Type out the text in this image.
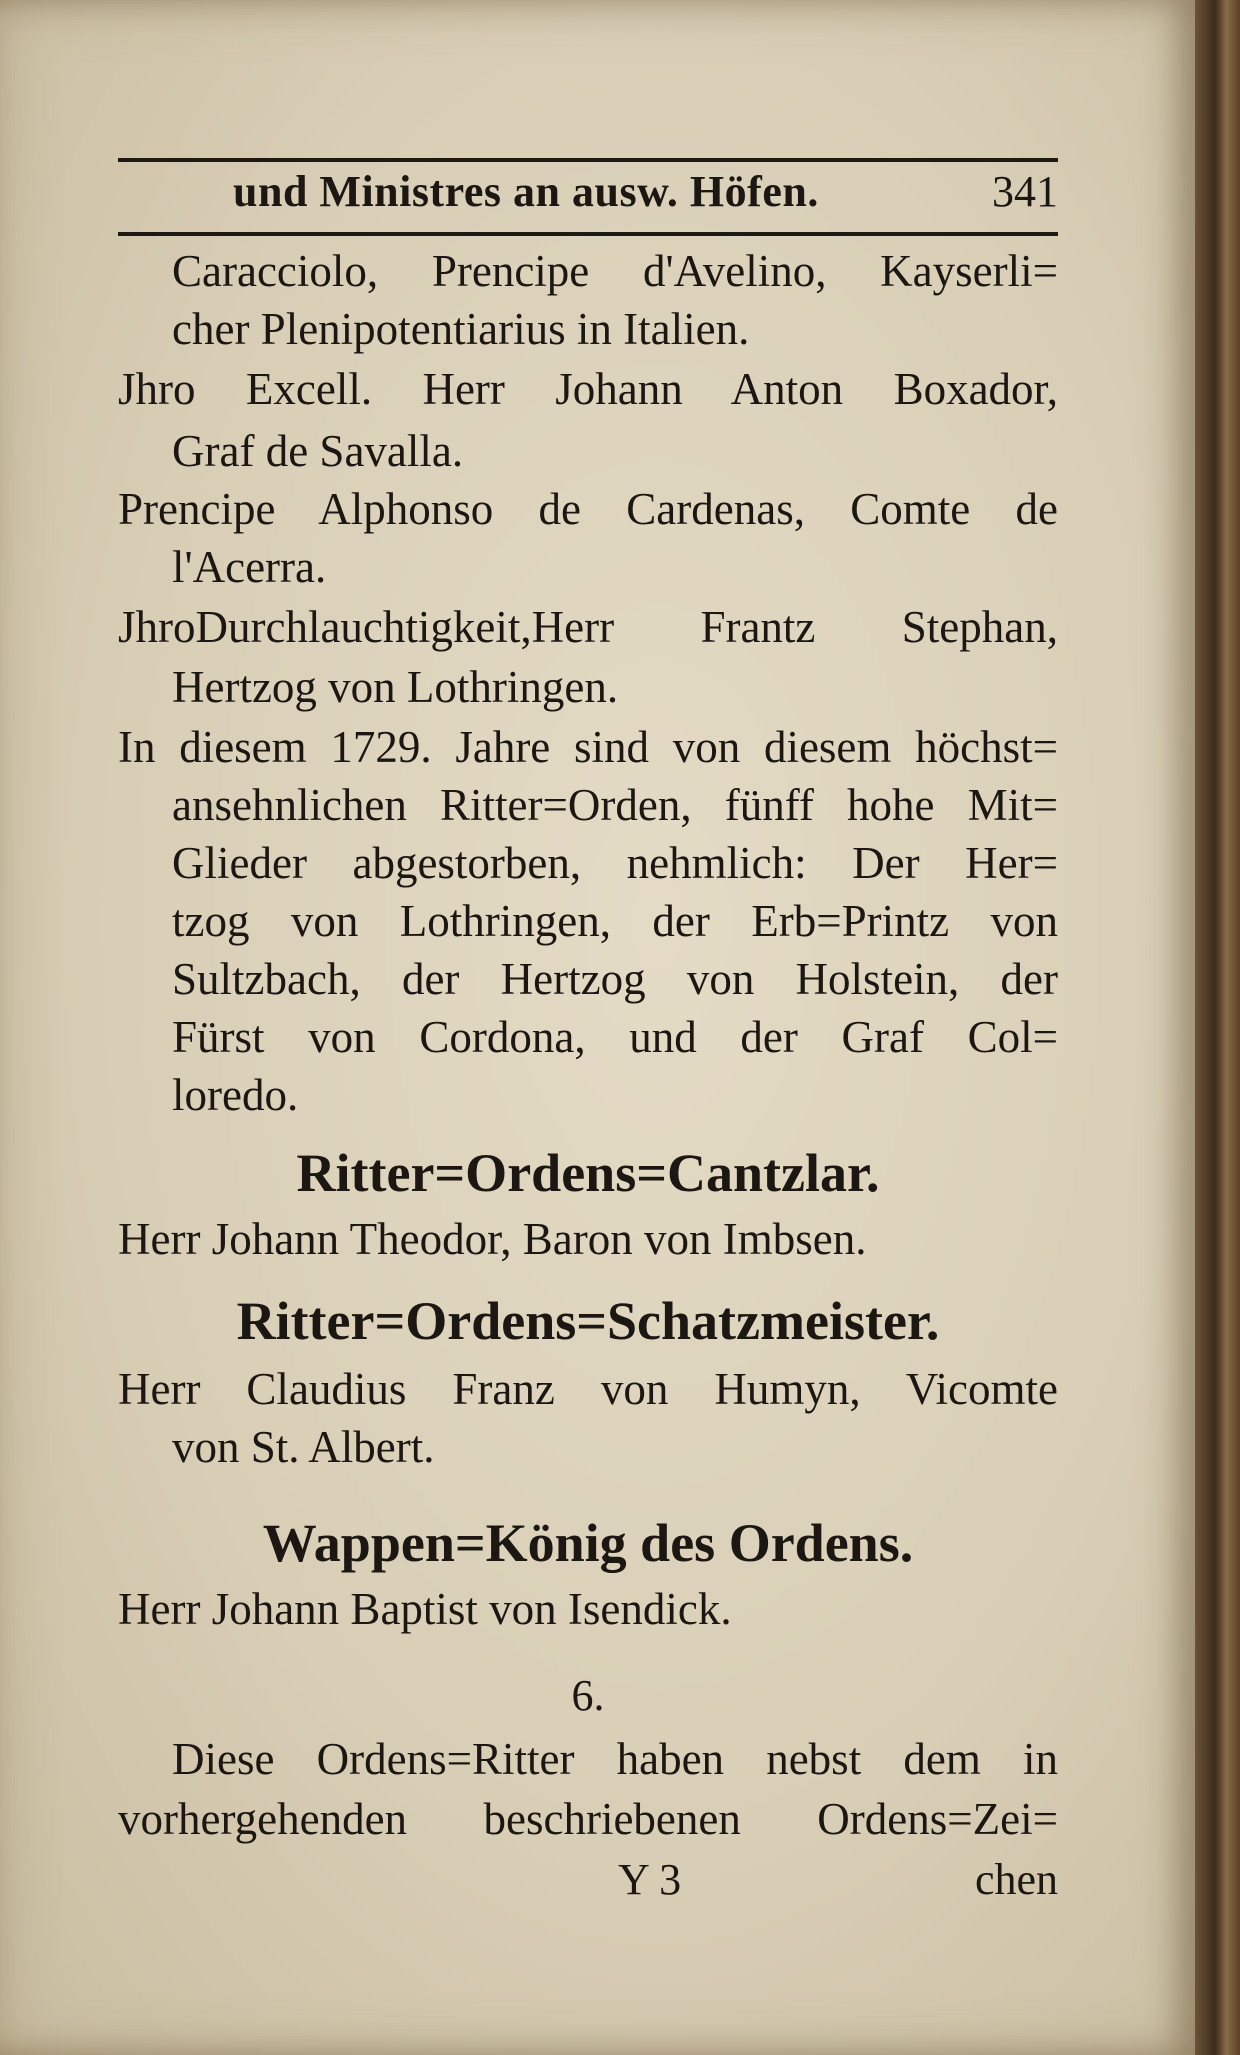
und Ministres an ausw. Höfen.	341
Caracciolo, Prencipe d'Avelino, Kayserli=
cher Plenipotentiarius in Italien.
Jhro Excell. Herr Johann Anton Boxador,
Graf de Savalla.
Prencipe Alphonso de Cardenas, Comte de
l'Acerra.
JhroDurchlauchtigkeit,Herr Frantz Stephan,
Hertzog von Lothringen.
In diesem 1729. Jahre sind von diesem höchst=
ansehnlichen Ritter=Orden, fünff hohe Mit=
Glieder abgestorben, nehmlich: Der Her=
tzog von Lothringen, der Erb=Printz von
Sultzbach, der Hertzog von Holstein, der
Fürst von Cordona, und der Graf Col=
loredo.
Ritter=Ordens=Cantzlar.
Herr Johann Theodor, Baron von Imbsen.
Ritter=Ordens=Schatzmeister.
Herr Claudius Franz von Humyn, Vicomte
von St. Albert.
Wappen=König des Ordens.
Herr Johann Baptist von Isendick.
6.
Diese Ordens=Ritter haben nebst dem in
vorhergehenden beschriebenen Ordens=Zei=
Y 3	chen
